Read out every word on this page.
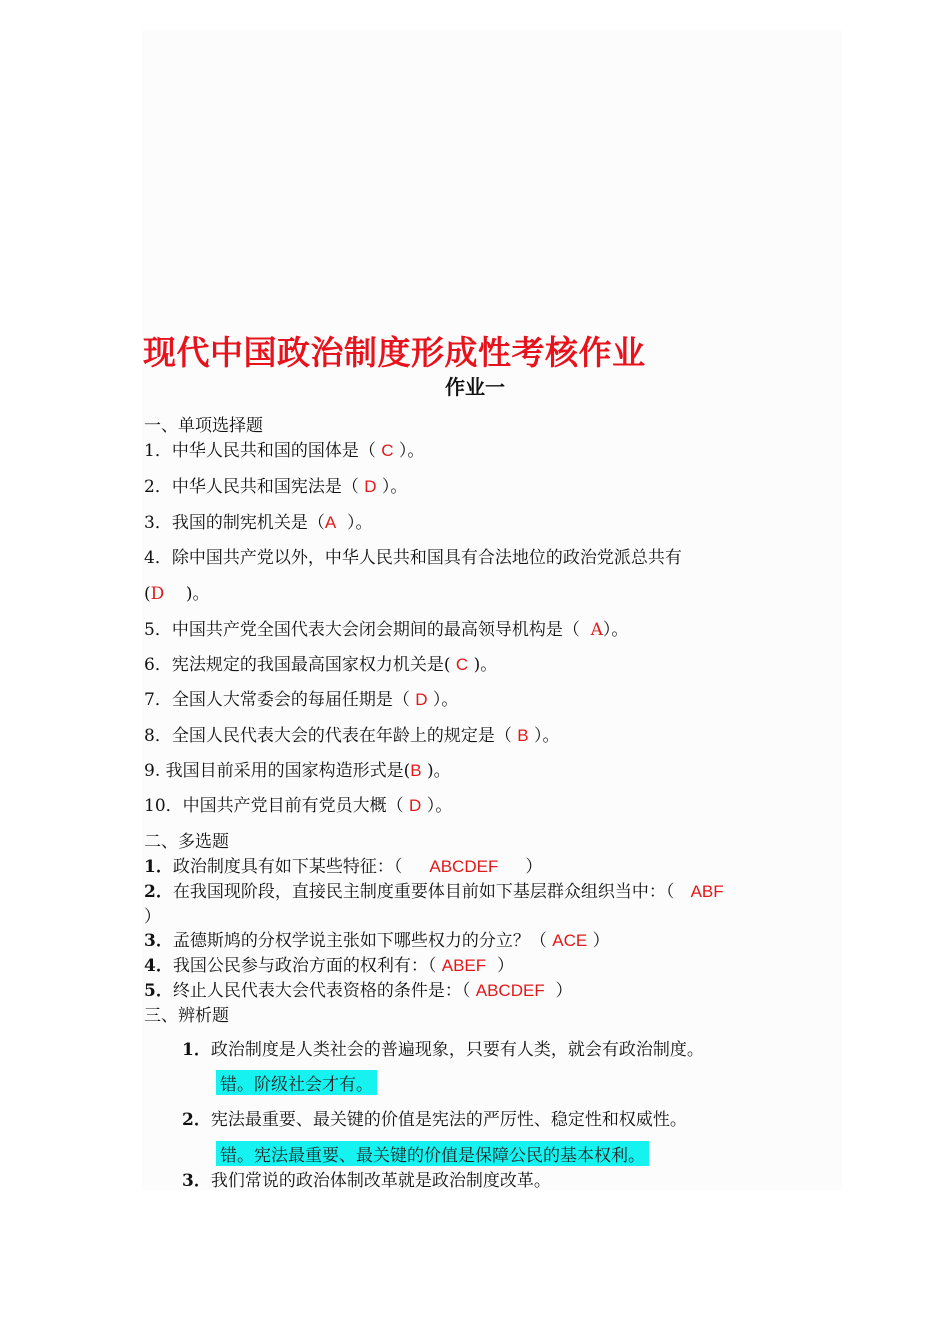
现代中国政治制度形成性考核作业
作业一
一、单项选择题
1．中华人民共和国的国体是（ C ）。
2．中华人民共和国宪法是（ D ）。
3．我国的制宪机关是（A ）。
4．除中国共产党以外，中华人民共和国具有合法地位的政治党派总共有
(D )。
5．中国共产党全国代表大会闭会期间的最高领导机构是（ A）。
6．宪法规定的我国最高国家权力机关是( C )。
7．全国人大常委会的每届任期是（ D ）。
8．全国人民代表大会的代表在年龄上的规定是（ B ）。
9. 我国目前采用的国家构造形式是(B )。
10．中国共产党目前有党员大概（ D ）。
二、多选题
1．政治制度具有如下某些特征：（ ABCDEF ）
2．在我国现阶段，直接民主制度重要体目前如下基层群众组织当中：（ ABF
）
3．孟德斯鸠的分权学说主张如下哪些权力的分立？（ ACE ）
4．我国公民参与政治方面的权利有：（ ABEF ）
5．终止人民代表大会代表资格的条件是：（ ABCDEF ）
三、辨析题
1．政治制度是人类社会的普遍现象，只要有人类，就会有政治制度。
错。阶级社会才有。
2．宪法最重要、最关键的价值是宪法的严厉性、稳定性和权威性。
错。宪法最重要、最关键的价值是保障公民的基本权利。
3．我们常说的政治体制改革就是政治制度改革。
